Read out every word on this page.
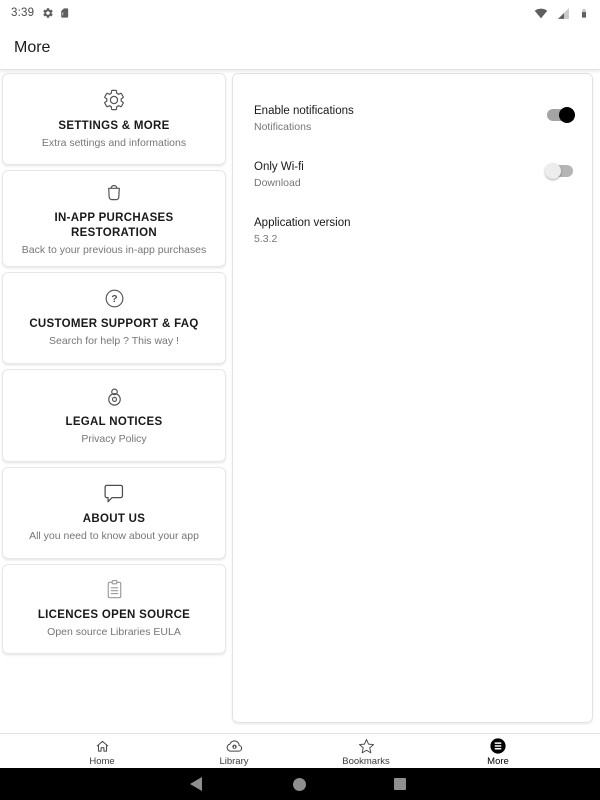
3:39
More
SETTINGS & MORE
Extra settings and informations
IN-APP PURCHASES RESTORATION
Back to your previous in-app purchases
?
CUSTOMER SUPPORT & FAQ
Search for help ? This way !
LEGAL NOTICES
Privacy Policy
ABOUT US
All you need to know about your app
LICENCES OPEN SOURCE
Open source Libraries EULA
Enable notifications
Notifications
Only Wi-fi
Download
Application version
5.3.2
Home	Library	Bookmarks	More
